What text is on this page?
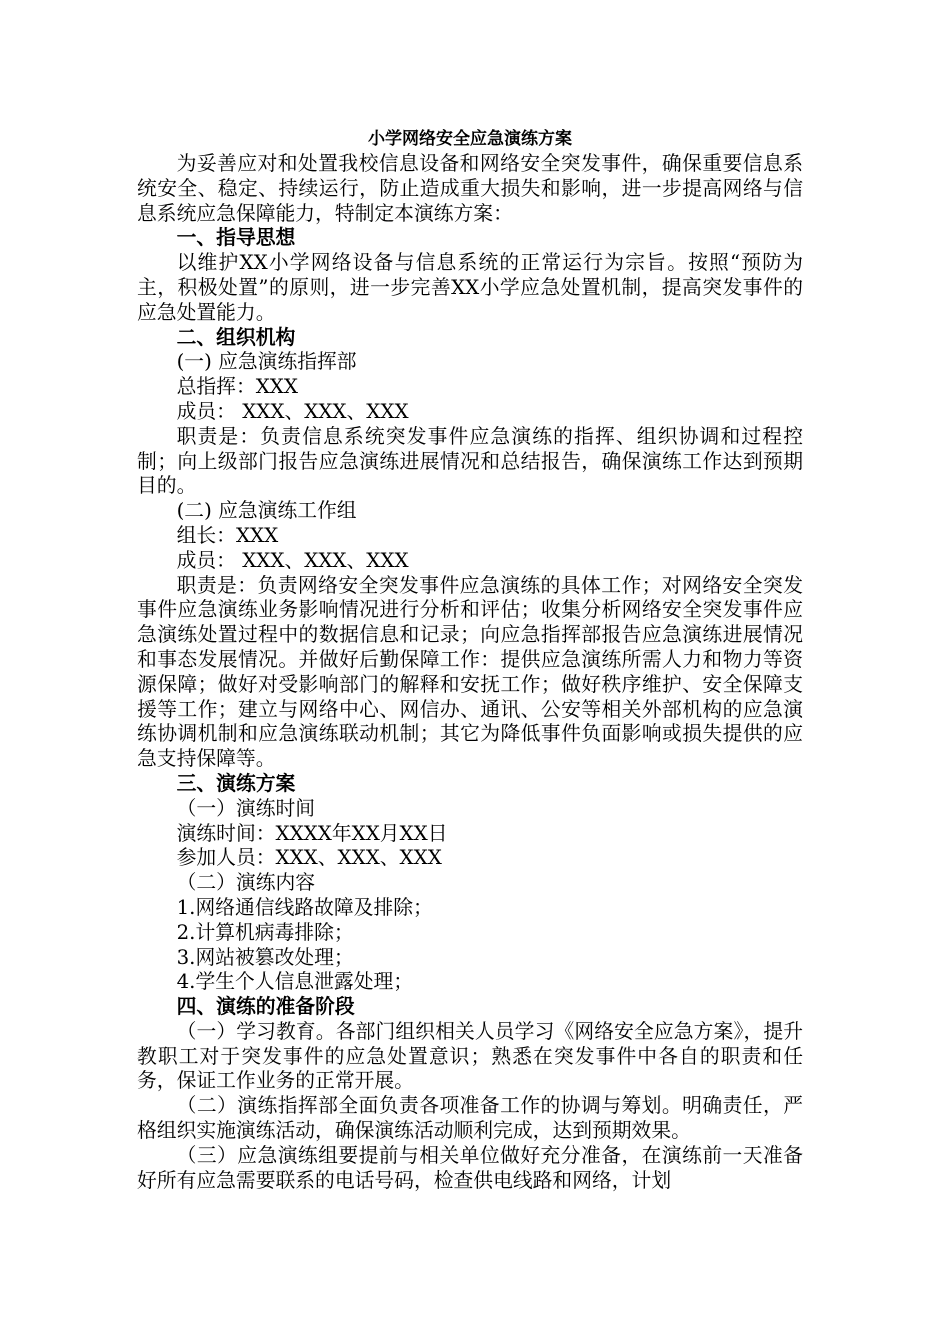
小学网络安全应急演练方案

为妥善应对和处置我校信息设备和网络安全突发事件，确保重要信息系统安全、稳定、持续运行，防止造成重大损失和影响，进一步提高网络与信息系统应急保障能力，特制定本演练方案：

一、指导思想

以维护XX小学网络设备与信息系统的正常运行为宗旨。按照“预防为主，积极处置”的原则，进一步完善XX小学应急处置机制，提高突发事件的应急处置能力。

二、组织机构

(一) 应急演练指挥部

总指挥：XXX

成员： XXX、XXX、XXX

职责是：负责信息系统突发事件应急演练的指挥、组织协调和过程控制；向上级部门报告应急演练进展情况和总结报告，确保演练工作达到预期目的。

(二) 应急演练工作组

组长：XXX

成员： XXX、XXX、XXX

职责是：负责网络安全突发事件应急演练的具体工作；对网络安全突发事件应急演练业务影响情况进行分析和评估；收集分析网络安全突发事件应急演练处置过程中的数据信息和记录；向应急指挥部报告应急演练进展情况和事态发展情况。并做好后勤保障工作：提供应急演练所需人力和物力等资源保障；做好对受影响部门的解释和安抚工作；做好秩序维护、安全保障支援等工作；建立与网络中心、网信办、通讯、公安等相关外部机构的应急演练协调机制和应急演练联动机制；其它为降低事件负面影响或损失提供的应急支持保障等。

三、演练方案

（一）演练时间

演练时间：XXXX年XX月XX日

参加人员：XXX、XXX、XXX

（二）演练内容

1.网络通信线路故障及排除；

2.计算机病毒排除；

3.网站被篡改处理；

4.学生个人信息泄露处理；

四、演练的准备阶段

（一）学习教育。各部门组织相关人员学习《网络安全应急方案》，提升教职工对于突发事件的应急处置意识；熟悉在突发事件中各自的职责和任务，保证工作业务的正常开展。

（二）演练指挥部全面负责各项准备工作的协调与筹划。明确责任，严格组织实施演练活动，确保演练活动顺利完成，达到预期效果。

（三）应急演练组要提前与相关单位做好充分准备，在演练前一天准备好所有应急需要联系的电话号码，检查供电线路和网络，计划
